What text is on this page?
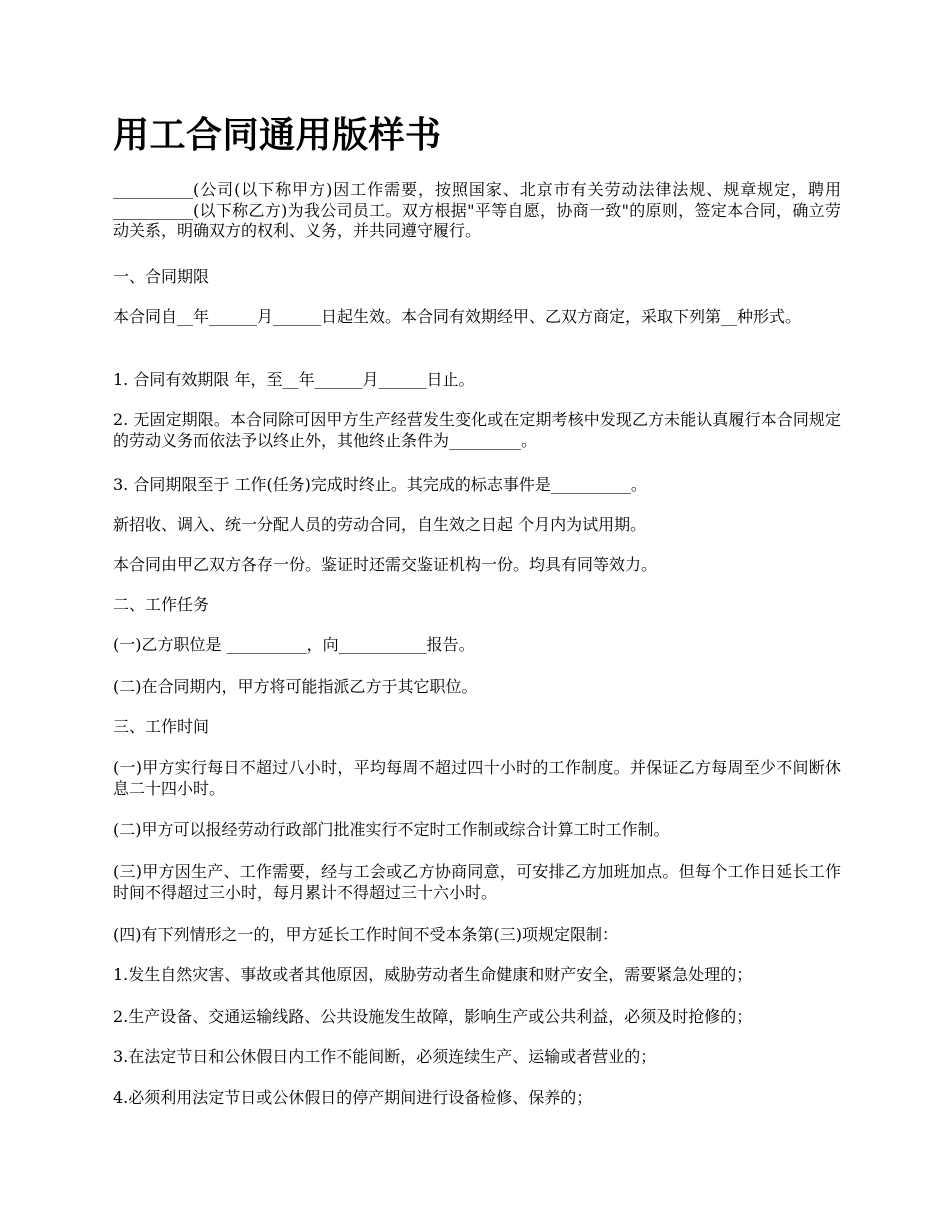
用工合同通用版样书

__________(公司(以下称甲方)因工作需要，按照国家、北京市有关劳动法律法规、规章规定，聘用__________(以下称乙方)为我公司员工。双方根据"平等自愿，协商一致"的原则，签定本合同，确立劳动关系，明确双方的权利、义务，并共同遵守履行。

一、合同期限

本合同自__年______月______日起生效。本合同有效期经甲、乙双方商定，采取下列第__种形式。

1. 合同有效期限 年，至__年______月______日止。

2. 无固定期限。本合同除可因甲方生产经营发生变化或在定期考核中发现乙方未能认真履行本合同规定的劳动义务而依法予以终止外，其他终止条件为_________。

3. 合同期限至于 工作(任务)完成时终止。其完成的标志事件是__________。

新招收、调入、统一分配人员的劳动合同，自生效之日起 个月内为试用期。

本合同由甲乙双方各存一份。鉴证时还需交鉴证机构一份。均具有同等效力。

二、工作任务

(一)乙方职位是 __________，向___________报告。

(二)在合同期内，甲方将可能指派乙方于其它职位。

三、工作时间

(一)甲方实行每日不超过八小时，平均每周不超过四十小时的工作制度。并保证乙方每周至少不间断休息二十四小时。

(二)甲方可以报经劳动行政部门批准实行不定时工作制或综合计算工时工作制。

(三)甲方因生产、工作需要，经与工会或乙方协商同意，可安排乙方加班加点。但每个工作日延长工作时间不得超过三小时，每月累计不得超过三十六小时。

(四)有下列情形之一的，甲方延长工作时间不受本条第(三)项规定限制：

1.发生自然灾害、事故或者其他原因，威胁劳动者生命健康和财产安全，需要紧急处理的；

2.生产设备、交通运输线路、公共设施发生故障，影响生产或公共利益，必须及时抢修的；

3.在法定节日和公休假日内工作不能间断，必须连续生产、运输或者营业的；

4.必须利用法定节日或公休假日的停产期间进行设备检修、保养的；
